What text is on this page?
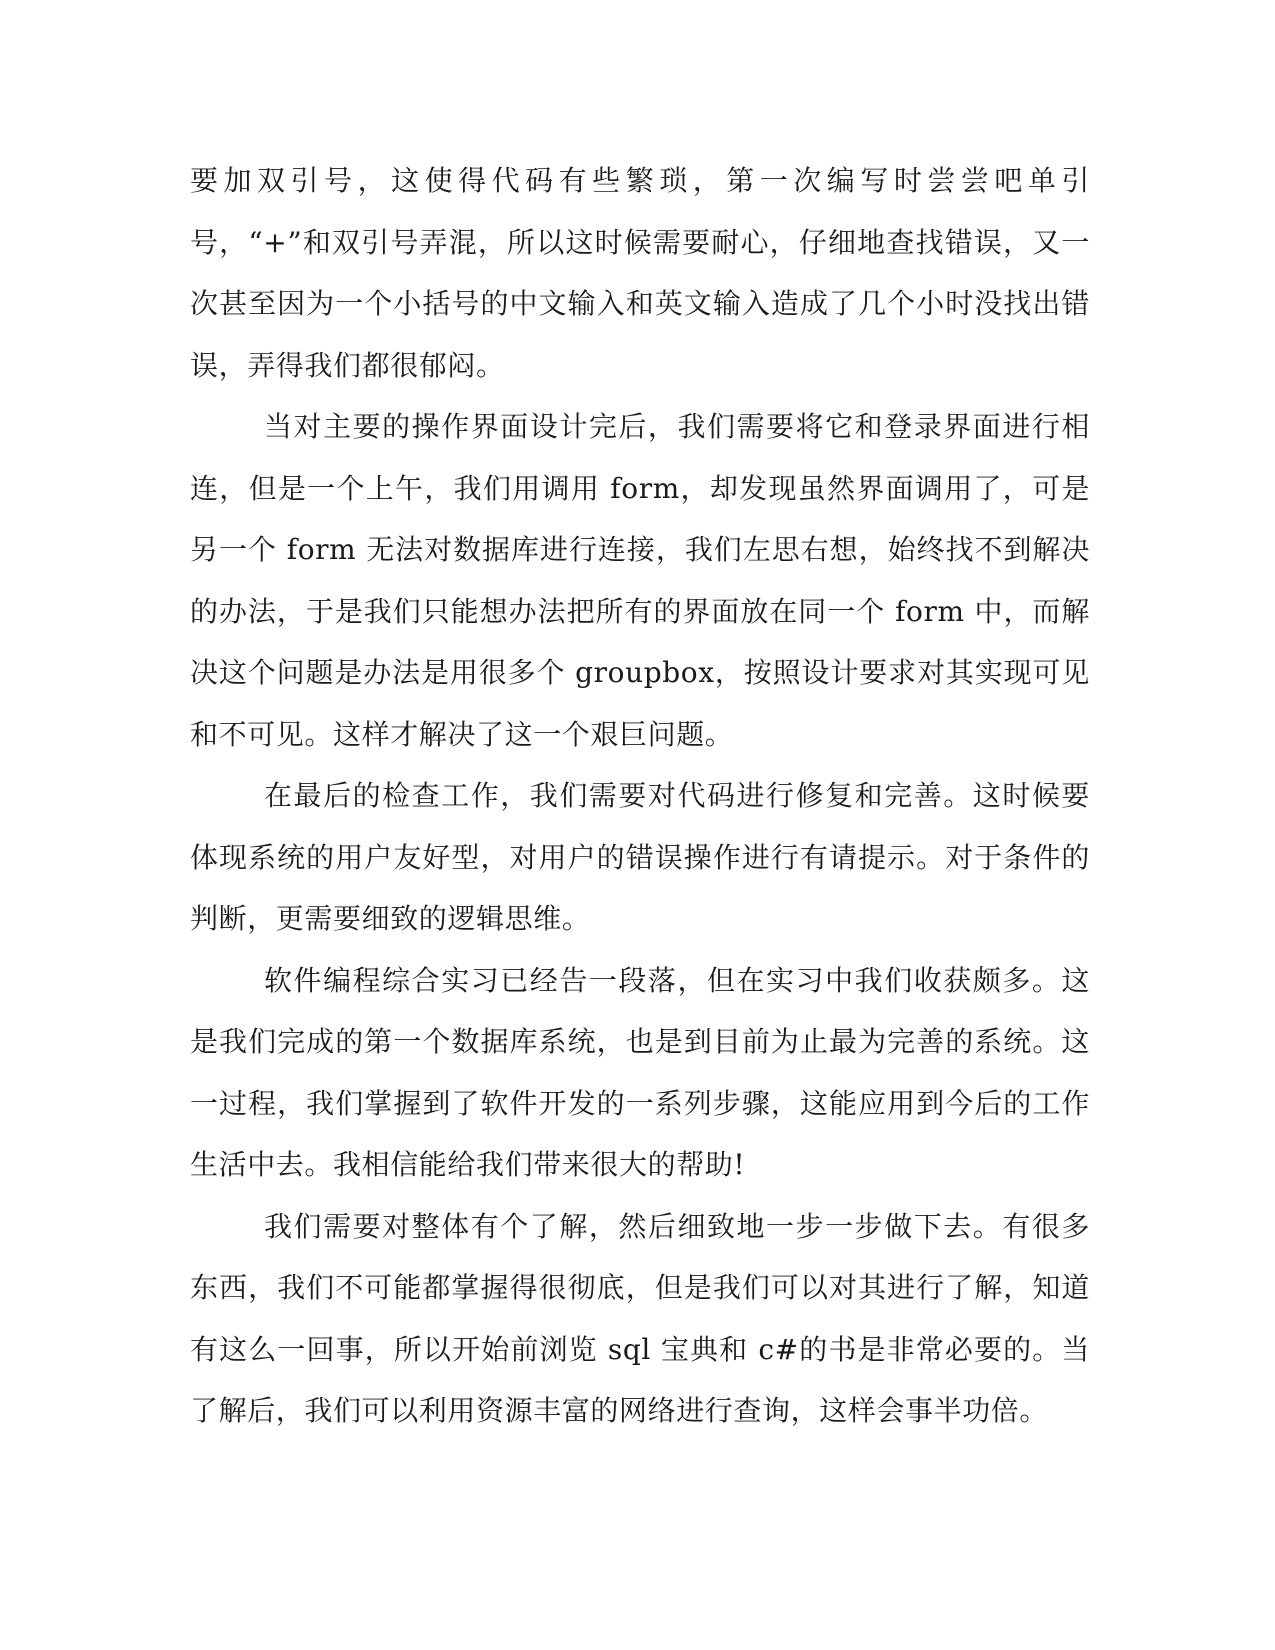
要加双引号，这使得代码有些繁琐，第一次编写时尝尝吧单引号，“+”和双引号弄混，所以这时候需要耐心，仔细地查找错误，又一次甚至因为一个小括号的中文输入和英文输入造成了几个小时没找出错误，弄得我们都很郁闷。

当对主要的操作界面设计完后，我们需要将它和登录界面进行相连，但是一个上午，我们用调用 form，却发现虽然界面调用了，可是另一个 form 无法对数据库进行连接，我们左思右想，始终找不到解决的办法，于是我们只能想办法把所有的界面放在同一个 form 中，而解决这个问题是办法是用很多个 groupbox，按照设计要求对其实现可见和不可见。这样才解决了这一个艰巨问题。

在最后的检查工作，我们需要对代码进行修复和完善。这时候要体现系统的用户友好型，对用户的错误操作进行有请提示。对于条件的判断，更需要细致的逻辑思维。

软件编程综合实习已经告一段落，但在实习中我们收获颇多。这是我们完成的第一个数据库系统，也是到目前为止最为完善的系统。这一过程，我们掌握到了软件开发的一系列步骤，这能应用到今后的工作生活中去。我相信能给我们带来很大的帮助!

我们需要对整体有个了解，然后细致地一步一步做下去。有很多东西，我们不可能都掌握得很彻底，但是我们可以对其进行了解，知道有这么一回事，所以开始前浏览 sql 宝典和 c#的书是非常必要的。当了解后，我们可以利用资源丰富的网络进行查询，这样会事半功倍。
